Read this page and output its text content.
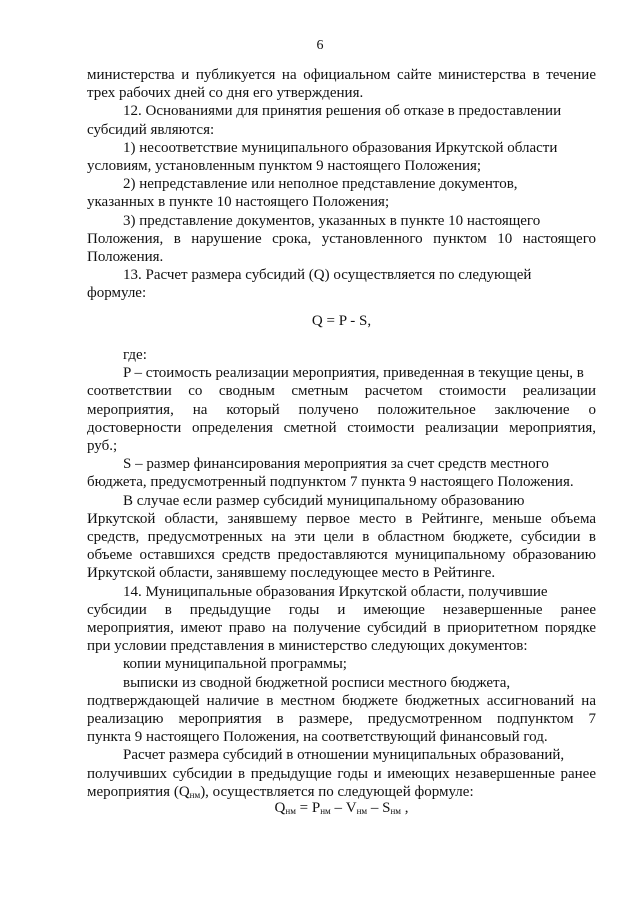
6

министерства и публикуется на официальном сайте министерства в течение

трех рабочих дней со дня его утверждения.

12. Основаниями для принятия решения об отказе в предоставлении

субсидий являются:

1) несоответствие муниципального образования Иркутской области

условиям, установленным пунктом 9 настоящего Положения;

2) непредставление или неполное представление документов,

указанных в пункте 10 настоящего Положения;

3) представление документов, указанных в пункте 10 настоящего

Положения, в нарушение срока, установленного пунктом 10 настоящего

Положения.

13. Расчет размера субсидий (Q) осуществляется по следующей

формуле:

Q = P - S,

где:

P – стоимость реализации мероприятия, приведенная в текущие цены, в

соответствии со сводным сметным расчетом стоимости реализации

мероприятия, на который получено положительное заключение о

достоверности определения сметной стоимости реализации мероприятия,

руб.;

S – размер финансирования мероприятия за счет средств местного

бюджета, предусмотренный подпунктом 7 пункта 9 настоящего Положения.

В случае если размер субсидий муниципальному образованию

Иркутской области, занявшему первое место в Рейтинге, меньше объема

средств, предусмотренных на эти цели в областном бюджете, субсидии в

объеме оставшихся средств предоставляются муниципальному образованию

Иркутской области, занявшему последующее место в Рейтинге.

14. Муниципальные образования Иркутской области, получившие

субсидии в предыдущие годы и имеющие незавершенные ранее

мероприятия, имеют право на получение субсидий в приоритетном порядке

при условии представления в министерство следующих документов:

копии муниципальной программы;

выписки из сводной бюджетной росписи местного бюджета,

подтверждающей наличие в местном бюджете бюджетных ассигнований на

реализацию мероприятия в размере, предусмотренном подпунктом 7

пункта 9 настоящего Положения, на соответствующий финансовый год.

Расчет размера субсидий в отношении муниципальных образований,

получивших субсидии в предыдущие годы и имеющих незавершенные ранее

мероприятия $(Q_{нм})$, осуществляется по следующей формуле:

$Q_{нм} = P_{нм} - V_{нм} - S_{нм}$ ,
